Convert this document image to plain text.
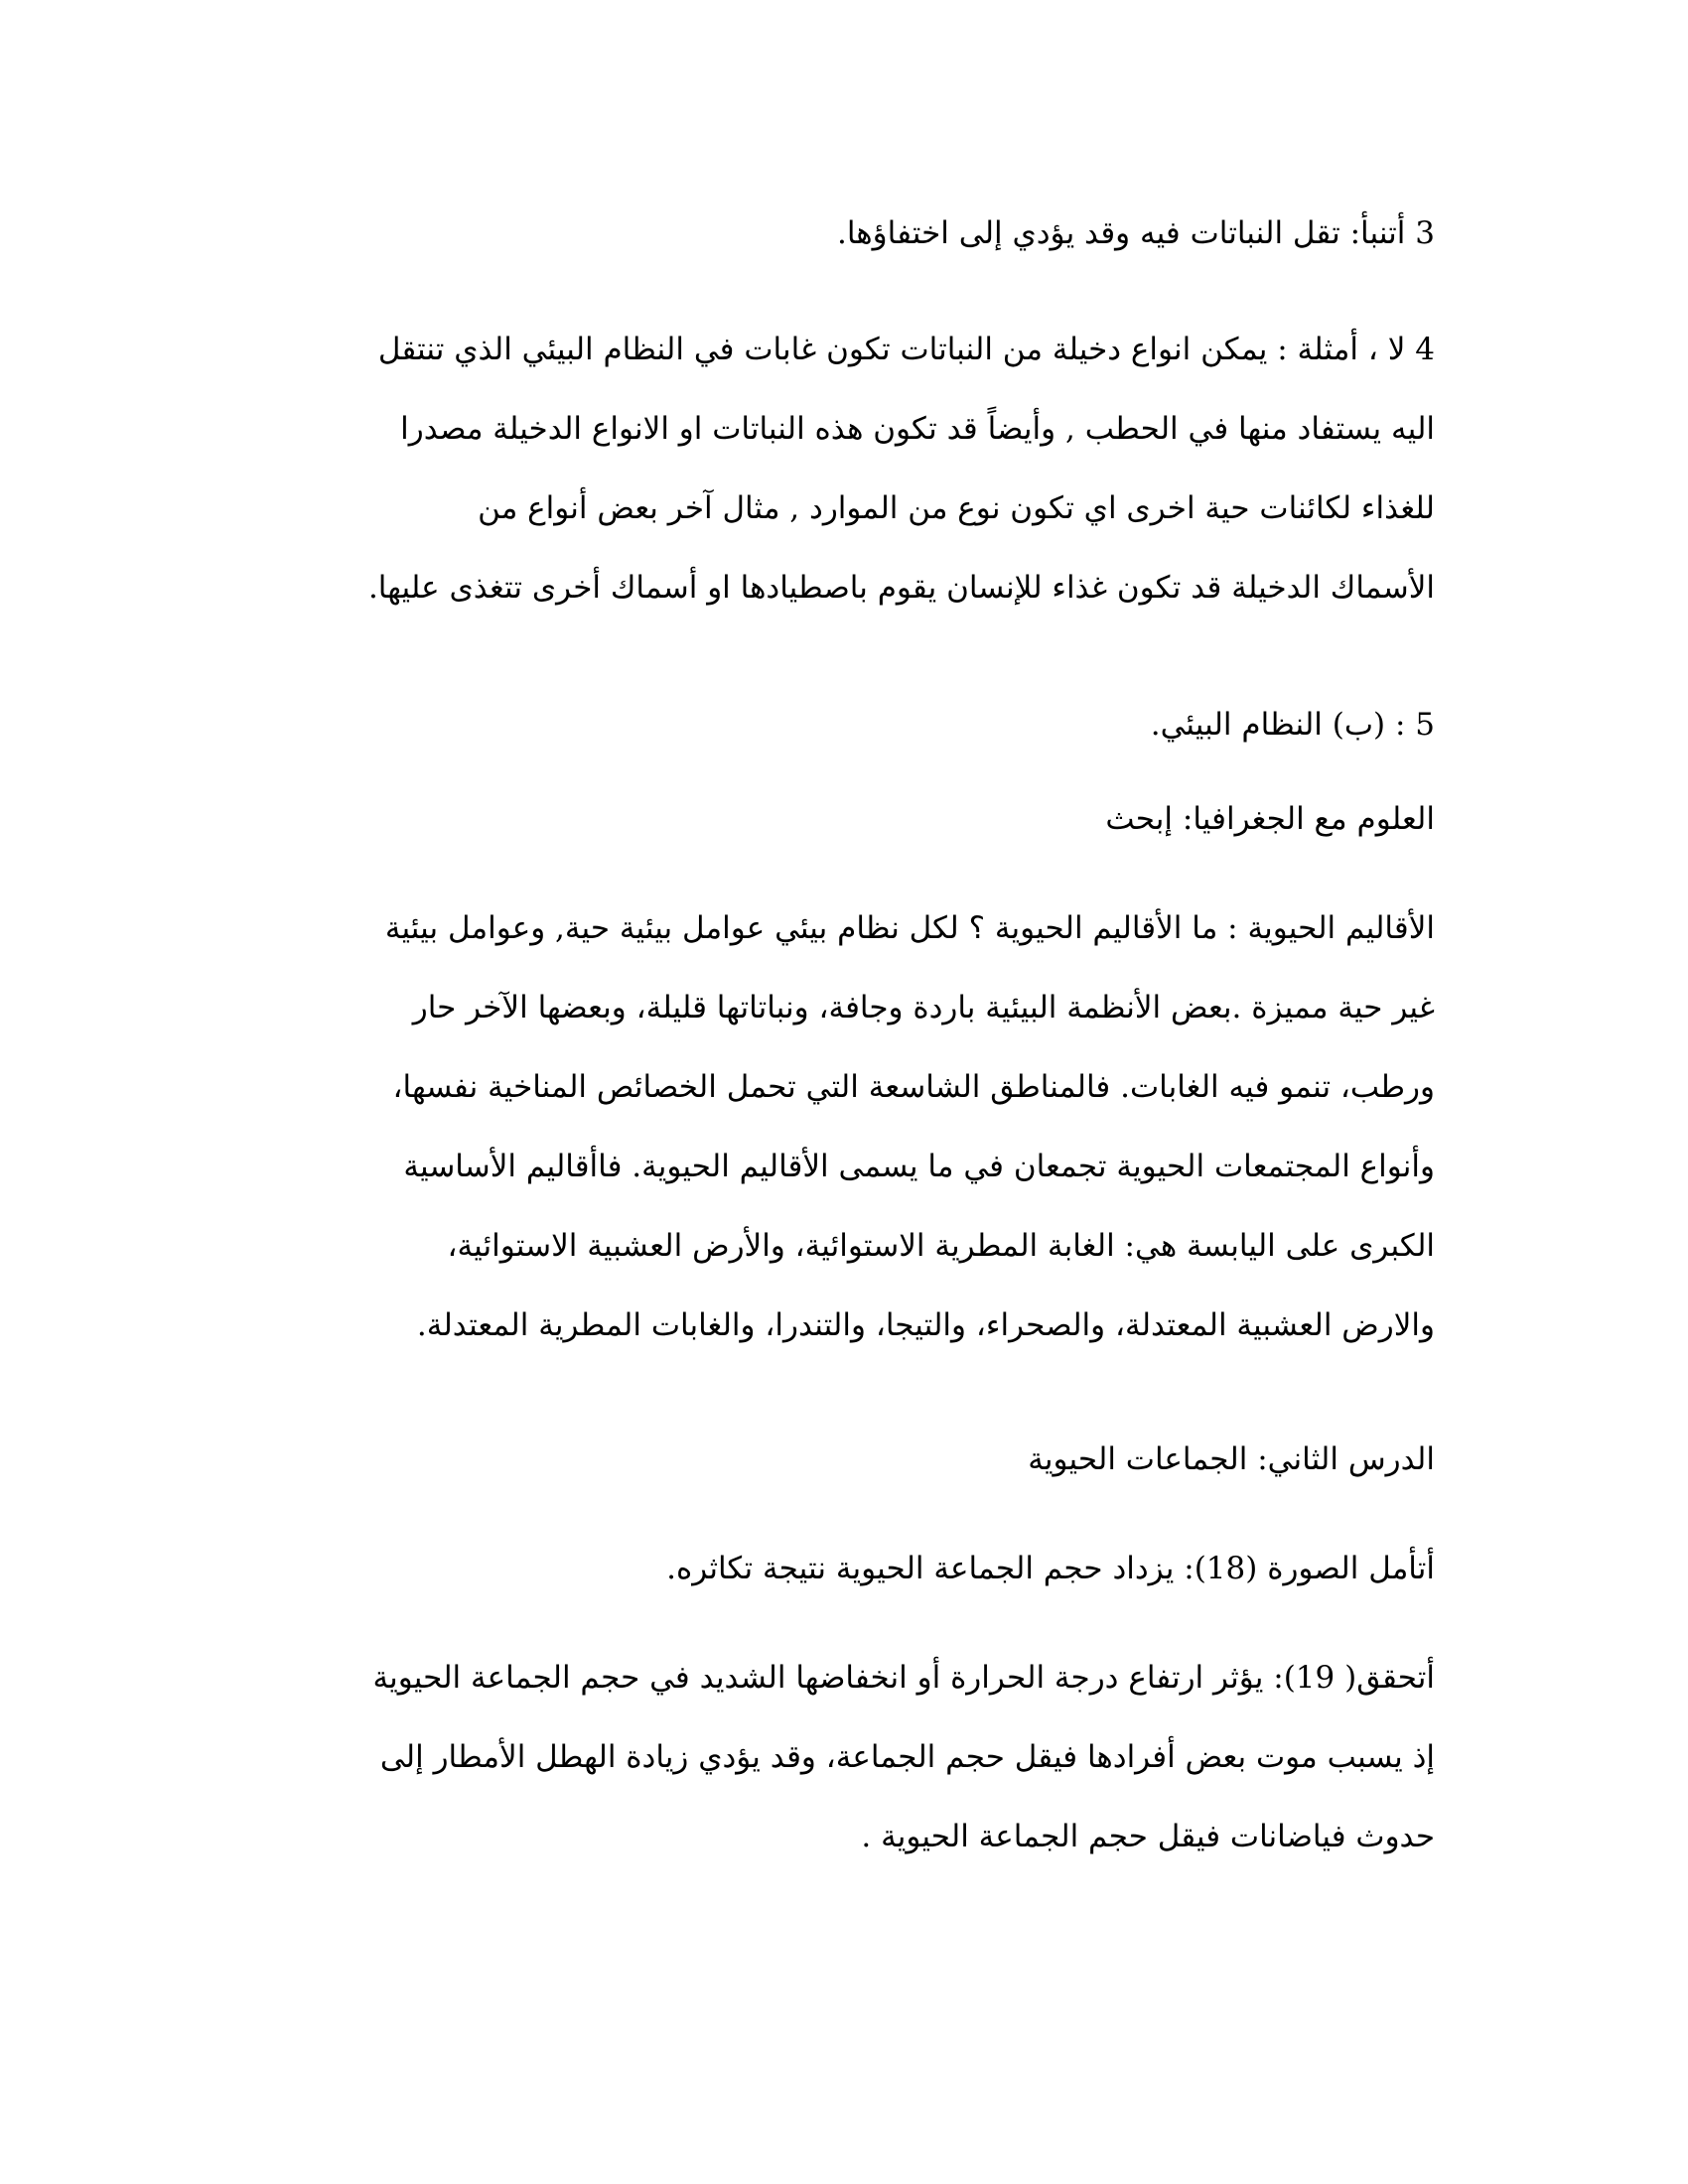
3 أتنبأ: تقل النباتات فيه وقد يؤدي إلى اختفاؤها.

4 لا ، أمثلة : يمكن انواع دخيلة من النباتات تكون غابات في النظام البيئي الذي تنتقل
اليه يستفاد منها في الحطب , وأيضاً قد تكون هذه النباتات او الانواع الدخيلة مصدرا
للغذاء لكائنات حية اخرى اي تكون نوع من الموارد , مثال آخر بعض أنواع من
الأسماك الدخيلة قد تكون غذاء للإنسان يقوم باصطيادها او أسماك أخرى تتغذى عليها.

5 : (ب) النظام البيئي.

العلوم مع الجغرافيا: إبحث

الأقاليم الحيوية : ما الأقاليم الحيوية ؟ لكل نظام بيئي عوامل بيئية حية, وعوامل بيئية
غير حية مميزة .بعض الأنظمة البيئية باردة وجافة، ونباتاتها قليلة، وبعضها الآخر حار
ورطب، تنمو فيه الغابات. فالمناطق الشاسعة التي تحمل الخصائص المناخية نفسها،
وأنواع المجتمعات الحيوية تجمعان في ما يسمى الأقاليم الحيوية. فاأقاليم الأساسية
الكبرى على اليابسة هي: الغابة المطرية الاستوائية، والأرض العشبية الاستوائية،
والارض العشبية المعتدلة، والصحراء، والتيجا، والتندرا، والغابات المطرية المعتدلة.

الدرس الثاني: الجماعات الحيوية

أتأمل الصورة (18): يزداد حجم الجماعة الحيوية نتيجة تكاثره.

أتحقق( 19): يؤثر ارتفاع درجة الحرارة أو انخفاضها الشديد في حجم الجماعة الحيوية
إذ يسبب موت بعض أفرادها فيقل حجم الجماعة، وقد يؤدي زيادة الهطل الأمطار إلى
حدوث فياضانات فيقل حجم الجماعة الحيوية .
